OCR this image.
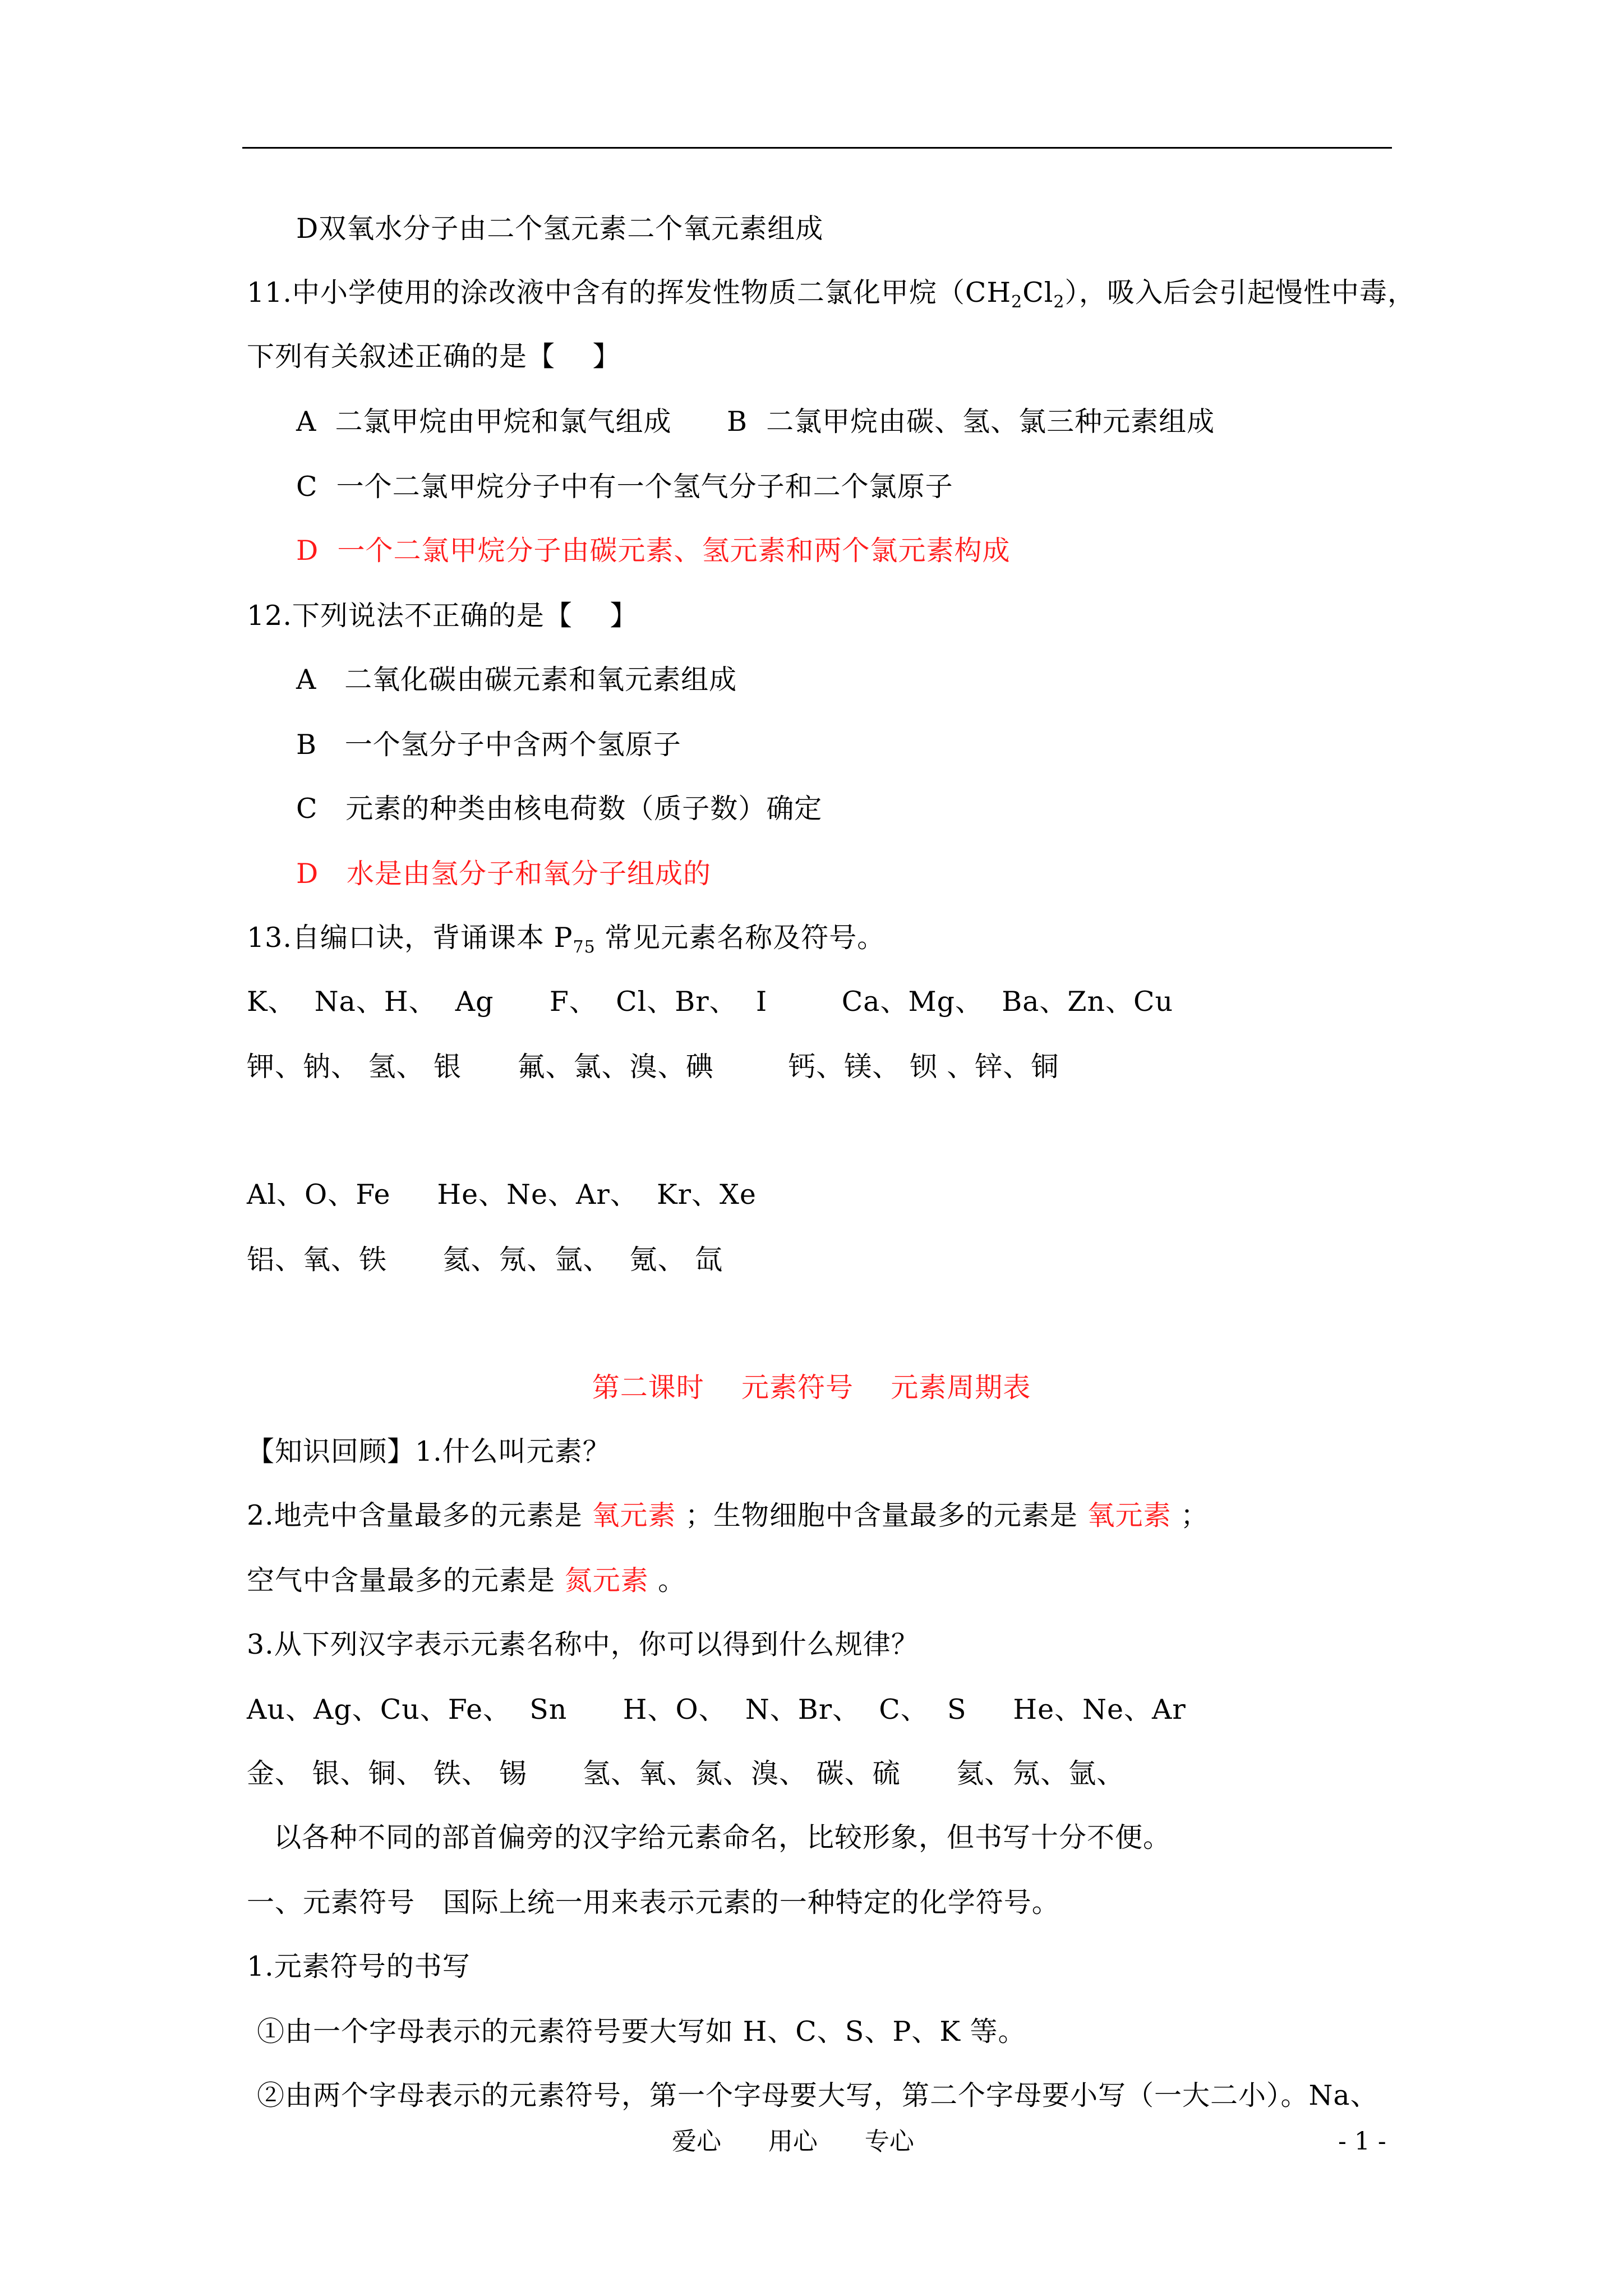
D双氧水分子由二个氢元素二个氧元素组成
11.中小学使用的涂改液中含有的挥发性物质二氯化甲烷$(CH_2Cl_2)$，吸入后会引起慢性中毒，
下列有关叙述正确的是【　 】
A  二氯甲烷由甲烷和氯气组成 B  二氯甲烷由碳、氢、氯三种元素组成
C  一个二氯甲烷分子中有一个氢气分子和二个氯原子
D  一个二氯甲烷分子由碳元素、氢元素和两个氯元素构成
12.下列说法不正确的是【　 】
A   二氧化碳由碳元素和氧元素组成
B   一个氢分子中含两个氢原子
C   元素的种类由核电荷数（质子数）确定
D   水是由氢分子和氧分子组成的
13.自编口诀，背诵课本 $P_{75}$ 常见元素名称及符号。
K、  Na、H、  Ag      F、  Cl、Br、  I        Ca、Mg、  Ba、Zn、Cu
钾、钠、 氢、 银      氟、氯、溴、碘        钙、镁、 钡 、锌、铜
Al、O、Fe     He、Ne、Ar、  Kr、Xe
铝、氧、铁      氦、氖、氩、  氪、 氙
第二课时    元素符号    元素周期表
【知识回顾】1.什么叫元素？
2.地壳中含量最多的元素是 氧元素 ；生物细胞中含量最多的元素是 氧元素 ；
空气中含量最多的元素是 氮元素 。
3.从下列汉字表示元素名称中，你可以得到什么规律？
Au、Ag、Cu、Fe、  Sn      H、O、  N、Br、  C、  S     He、Ne、Ar
金、 银、铜、 铁、 锡      氢、氧、氮、溴、 碳、硫      氦、氖、氩、
以各种不同的部首偏旁的汉字给元素命名，比较形象，但书写十分不便。
一、元素符号   国际上统一用来表示元素的一种特定的化学符号。
1.元素符号的书写
①由一个字母表示的元素符号要大写如 H、C、S、P、K 等。
②由两个字母表示的元素符号，第一个字母要大写，第二个字母要小写（一大二小）。Na、
爱心      用心      专心	- 1 -
